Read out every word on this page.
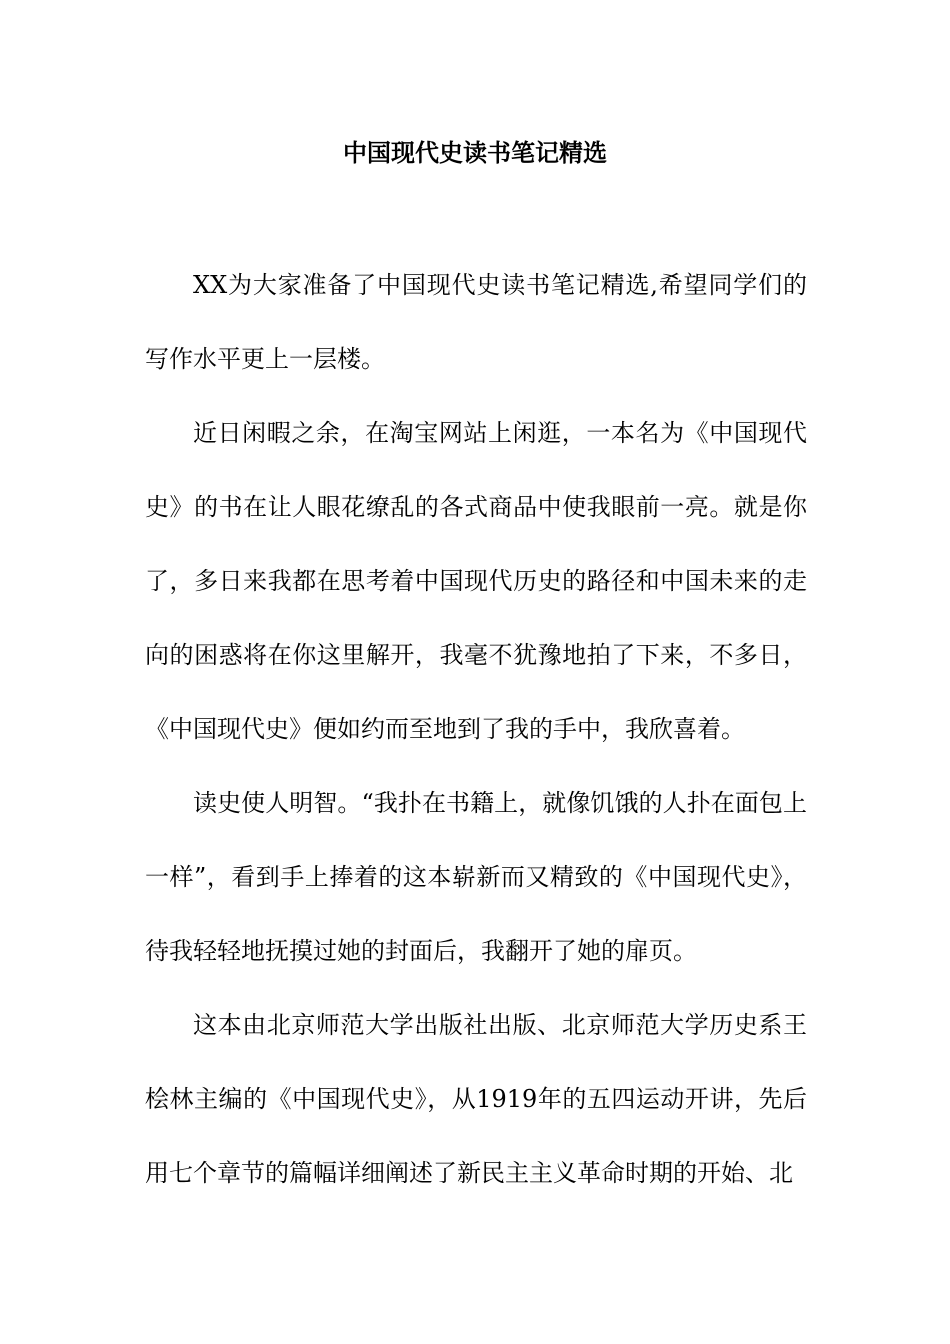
中国现代史读书笔记精选

XX为大家准备了中国现代史读书笔记精选,希望同学们的写作水平更上一层楼。

近日闲暇之余，在淘宝网站上闲逛，一本名为《中国现代史》的书在让人眼花缭乱的各式商品中使我眼前一亮。就是你了，多日来我都在思考着中国现代历史的路径和中国未来的走向的困惑将在你这里解开，我毫不犹豫地拍了下来，不多日，《中国现代史》便如约而至地到了我的手中，我欣喜着。

读史使人明智。“我扑在书籍上，就像饥饿的人扑在面包上一样”，看到手上捧着的这本崭新而又精致的《中国现代史》，待我轻轻地抚摸过她的封面后，我翻开了她的扉页。

这本由北京师范大学出版社出版、北京师范大学历史系王桧林主编的《中国现代史》，从1919年的五四运动开讲，先后用七个章节的篇幅详细阐述了新民主主义革命时期的开始、北
